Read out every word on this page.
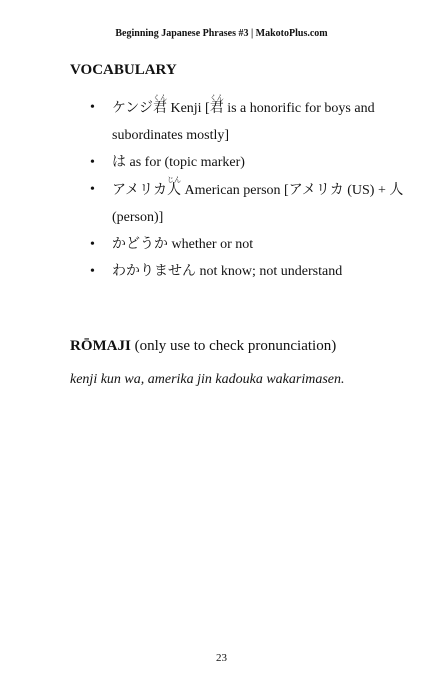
Beginning Japanese Phrases #3 | MakotoPlus.com
VOCABULARY
• ケンジ君くん Kenji [君くん is a honorific for boys and subordinates mostly]
• は as for (topic marker)
• アメリカ人じん American person [アメリカ (US) + 人 (person)]
• かどうか whether or not
• わかりません not know; not understand
RŌMAJI (only use to check pronunciation)
kenji kun wa, amerika jin kadouka wakarimasen.
23
